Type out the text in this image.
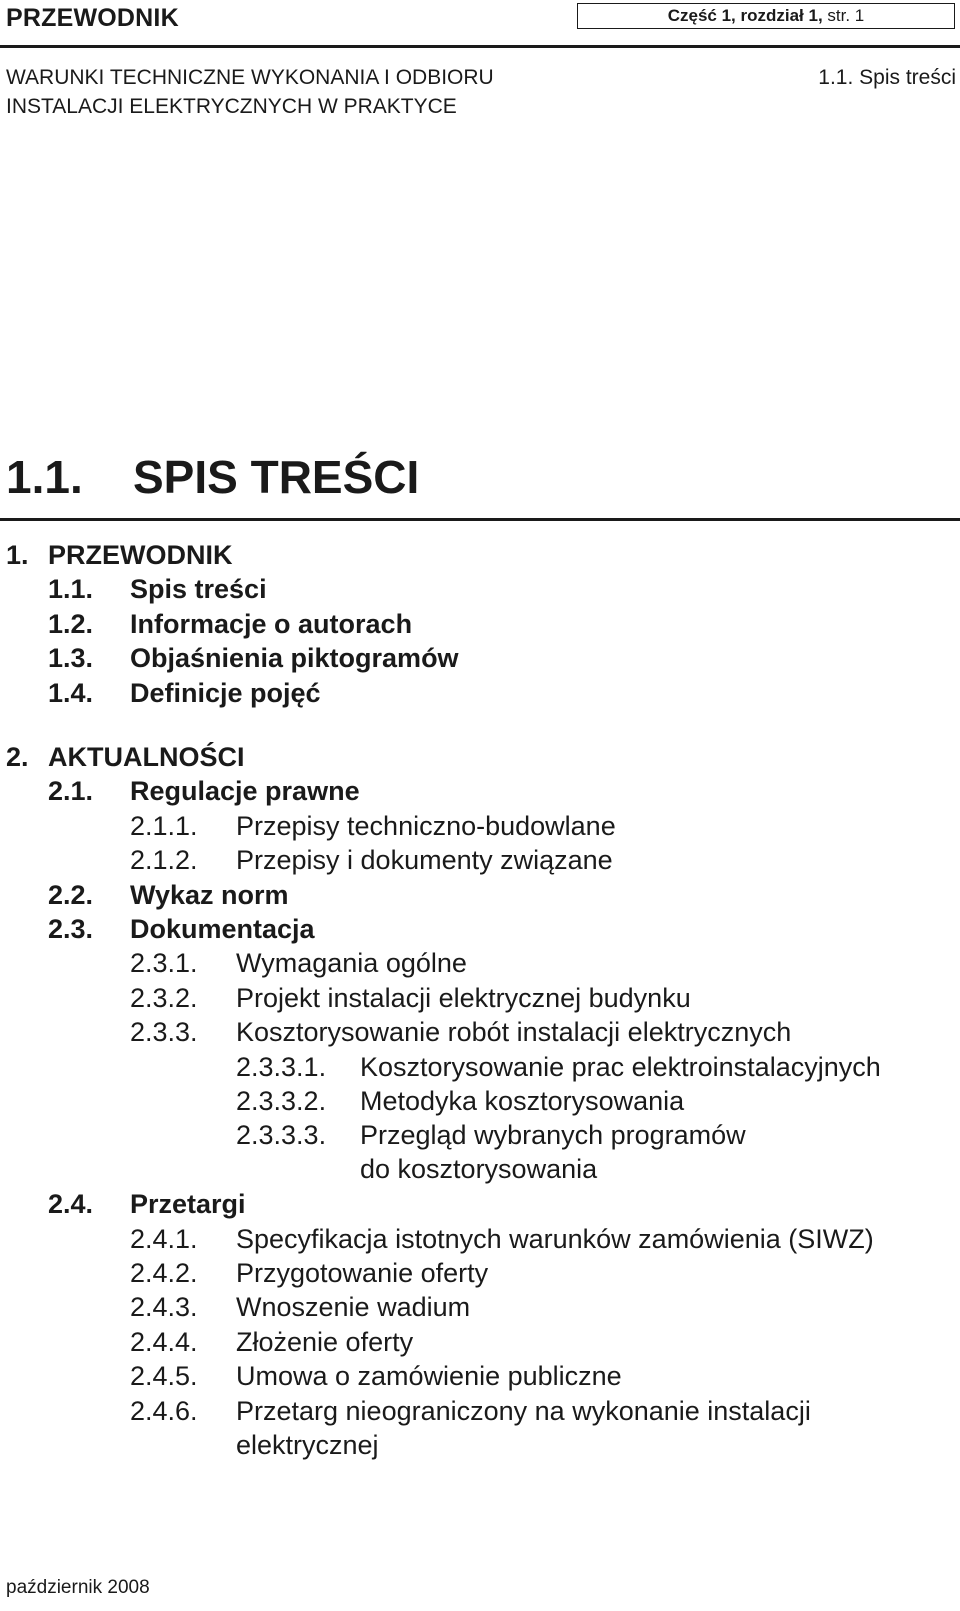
PRZEWODNIK	Część 1, rozdział 1, str. 1
WARUNKI TECHNICZNE WYKONANIA I ODBIORU
INSTALACJI ELEKTRYCZNYCH W PRAKTYCE
1.1. Spis treści
1.1. SPIS TREŚCI
1. PRZEWODNIK
1.1. Spis treści
1.2. Informacje o autorach
1.3. Objaśnienia piktogramów
1.4. Definicje pojęć
2. AKTUALNOŚCI
2.1. Regulacje prawne
2.1.1. Przepisy techniczno-budowlane
2.1.2. Przepisy i dokumenty związane
2.2. Wykaz norm
2.3. Dokumentacja
2.3.1. Wymagania ogólne
2.3.2. Projekt instalacji elektrycznej budynku
2.3.3. Kosztorysowanie robót instalacji elektrycznych
2.3.3.1. Kosztorysowanie prac elektroinstalacyjnych
2.3.3.2. Metodyka kosztorysowania
2.3.3.3. Przegląd wybranych programów
do kosztorysowania
2.4. Przetargi
2.4.1. Specyfikacja istotnych warunków zamówienia (SIWZ)
2.4.2. Przygotowanie oferty
2.4.3. Wnoszenie wadium
2.4.4. Złożenie oferty
2.4.5. Umowa o zamówienie publiczne
2.4.6. Przetarg nieograniczony na wykonanie instalacji
elektrycznej
październik 2008
